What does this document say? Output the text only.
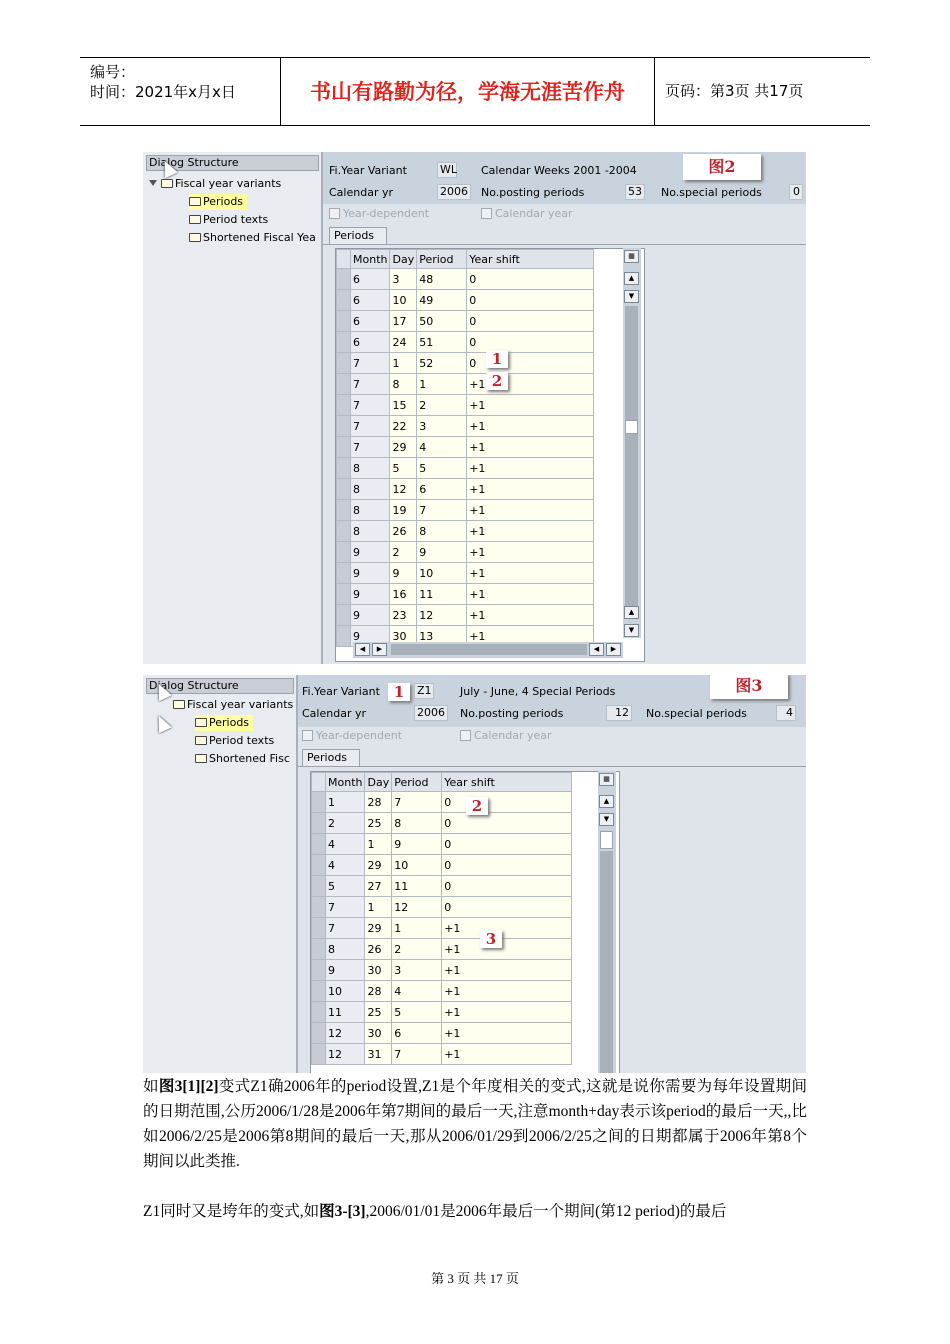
编号：
时间：2021年x月x日	书山有路勤为径，学海无涯苦作舟	页码：第3页 共17页
Dialog Structure
Fiscal year variants
Periods
Period texts
Shortened Fiscal Yea
Fi.Year Variant	WL Calendar Weeks 2001 -2004
Calendar yr	2006 No.posting periods	53 No.special periods	0
图2
Year-dependent	Calendar year
Periods
	Month	Day	Period	Year shift
	6	3	48	0
	6	10	49	0
	6	17	50	0
	6	24	51	0
	7	1	52	0
	7	8	1	+1
	7	15	2	+1
	7	22	3	+1
	7	29	4	+1
	8	5	5	+1
	8	12	6	+1
	8	19	7	+1
	8	26	8	+1
	9	2	9	+1
	9	9	10	+1
	9	16	11	+1
	9	23	12	+1
	9	30	13	+1
▦
▲
▼
▲
▼
◀	▶	◀	▶
1
2
Dialog Structure
Fiscal year variants
Periods
Period texts
Shortened Fisc
Fi.Year Variant 1	Z1	July - June, 4 Special Periods
Calendar yr	2006 No.posting periods	12 No.special periods	4
图3
Year-dependent	Calendar year
Periods
	Month	Day	Period	Year shift
	1	28	7	0
	2	25	8	0
	4	1	9	0
	4	29	10	0
	5	27	11	0
	7	1	12	0
	7	29	1	+1
	8	26	2	+1
	9	30	3	+1
	10	28	4	+1
	11	25	5	+1
	12	30	6	+1
	12	31	7	+1
▦
▲
▼
2
3
如图3[1][2]变式Z1确2006年的period设置,Z1是个年度相关的变式,这就是说你需要为每年设置期间的日期范围,公历2006/1/28是2006年第7期间的最后一天,注意month+day表示该period的最后一天,,比如2006/2/25是2006第8期间的最后一天,那从2006/01/29到2006/2/25之间的日期都属于2006年第8个期间以此类推.
Z1同时又是垮年的变式,如图3-[3],2006/01/01是2006年最后一个期间(第12 period)的最后
第 3 页 共 17 页
